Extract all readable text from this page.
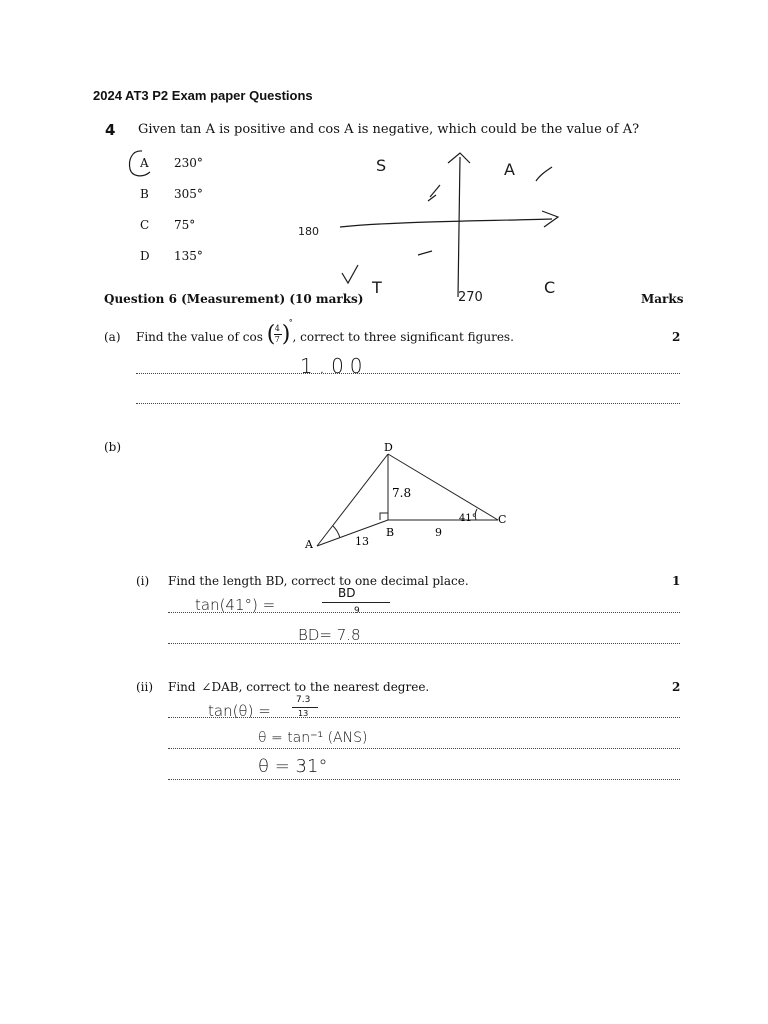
2024 AT3 P2 Exam paper Questions
4 Given tan A is positive and cos A is negative, which could be the value of A?
A 230°
B 305°
C 75°
D 135°
S	A
T	C
180
270
Question 6 (Measurement) (10 marks)	Marks
(a) Find the value of cos ( 4
7 )
°
, correct to three significant figures.	2
1.00
(b)	D
A
B
C
7.8
41°
13
9
(i) Find the length BD, correct to one decimal place.	1
tan(41°) =
BD
9
BD= 7.8
(ii) Find ∠DAB, correct to the nearest degree.	2
tan(θ) =
7.3
13
θ = tan⁻¹ (ANS)
θ = 31°
